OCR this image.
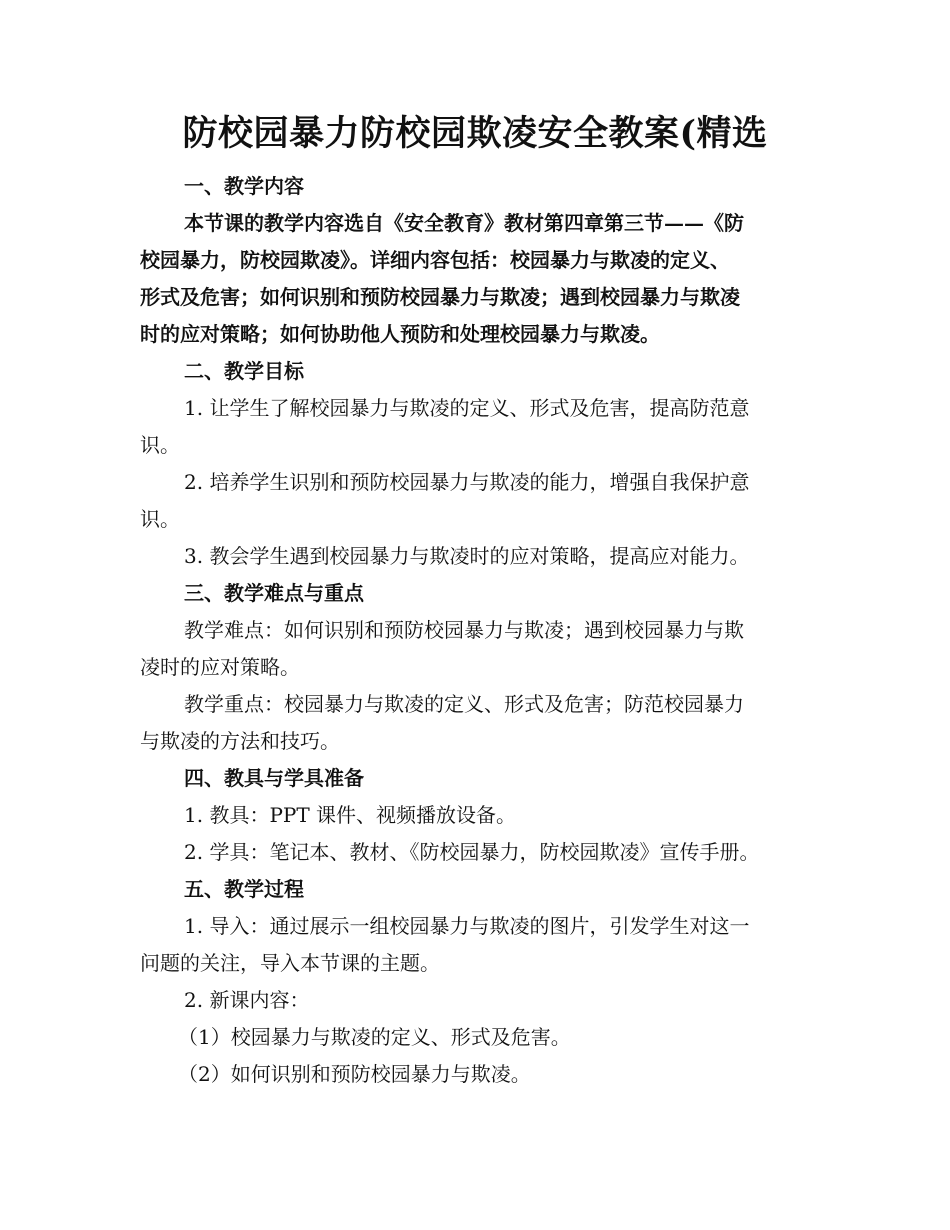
防校园暴力防校园欺凌安全教案(精选

一、教学内容

本节课的教学内容选自《安全教育》教材第四章第三节——《防

校园暴力，防校园欺凌》。详细内容包括：校园暴力与欺凌的定义、

形式及危害；如何识别和预防校园暴力与欺凌；遇到校园暴力与欺凌

时的应对策略；如何协助他人预防和处理校园暴力与欺凌。

二、教学目标

1. 让学生了解校园暴力与欺凌的定义、形式及危害，提高防范意

识。

2. 培养学生识别和预防校园暴力与欺凌的能力，增强自我保护意

识。

3. 教会学生遇到校园暴力与欺凌时的应对策略，提高应对能力。

三、教学难点与重点

教学难点：如何识别和预防校园暴力与欺凌；遇到校园暴力与欺

凌时的应对策略。

教学重点：校园暴力与欺凌的定义、形式及危害；防范校园暴力

与欺凌的方法和技巧。

四、教具与学具准备

1. 教具：PPT 课件、视频播放设备。

2. 学具：笔记本、教材、《防校园暴力，防校园欺凌》宣传手册。

五、教学过程

1. 导入：通过展示一组校园暴力与欺凌的图片，引发学生对这一

问题的关注，导入本节课的主题。

2. 新课内容：

（1）校园暴力与欺凌的定义、形式及危害。

（2）如何识别和预防校园暴力与欺凌。
